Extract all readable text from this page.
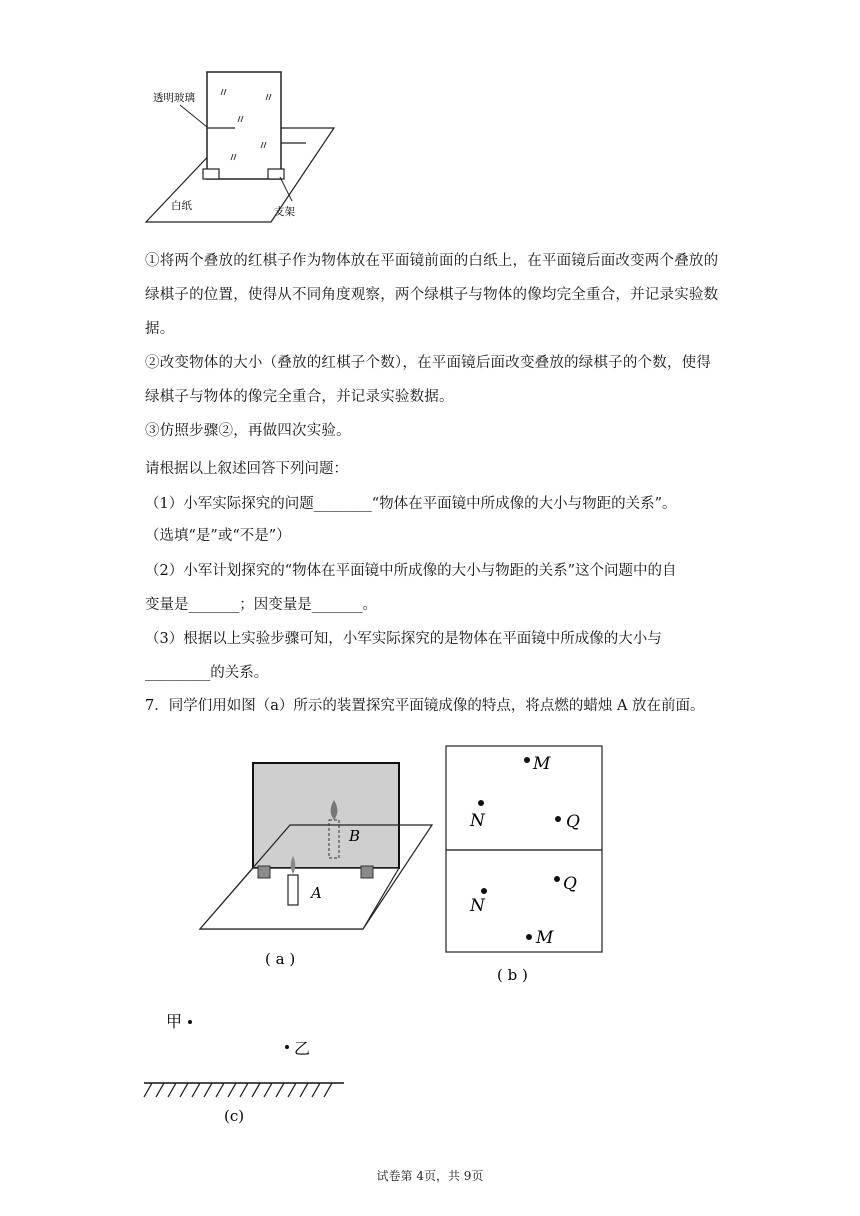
透明玻璃
白纸	支架

①将两个叠放的红棋子作为物体放在平面镜前面的白纸上，在平面镜后面改变两个叠放的绿棋子的位置，使得从不同角度观察，两个绿棋子与物体的像均完全重合，并记录实验数据。

②改变物体的大小（叠放的红棋子个数），在平面镜后面改变叠放的绿棋子的个数，使得绿棋子与物体的像完全重合，并记录实验数据。

③仿照步骤②，再做四次实验。

请根据以上叙述回答下列问题：
（1）小军实际探究的问题________“物体在平面镜中所成像的大小与物距的关系”。
（选填“是”或“不是”）
（2）小军计划探究的“物体在平面镜中所成像的大小与物距的关系”这个问题中的自
变量是_______；因变量是_______。
（3）根据以上实验步骤可知，小军实际探究的是物体在平面镜中所成像的大小与
_________的关系。
7．同学们用如图（a）所示的装置探究平面镜成像的特点，将点燃的蜡烛 A 放在前面。
A
B
( a )
M
N	Q
Q
N
M
( b )
甲
乙
(c)
试卷第 4页，共 9页
